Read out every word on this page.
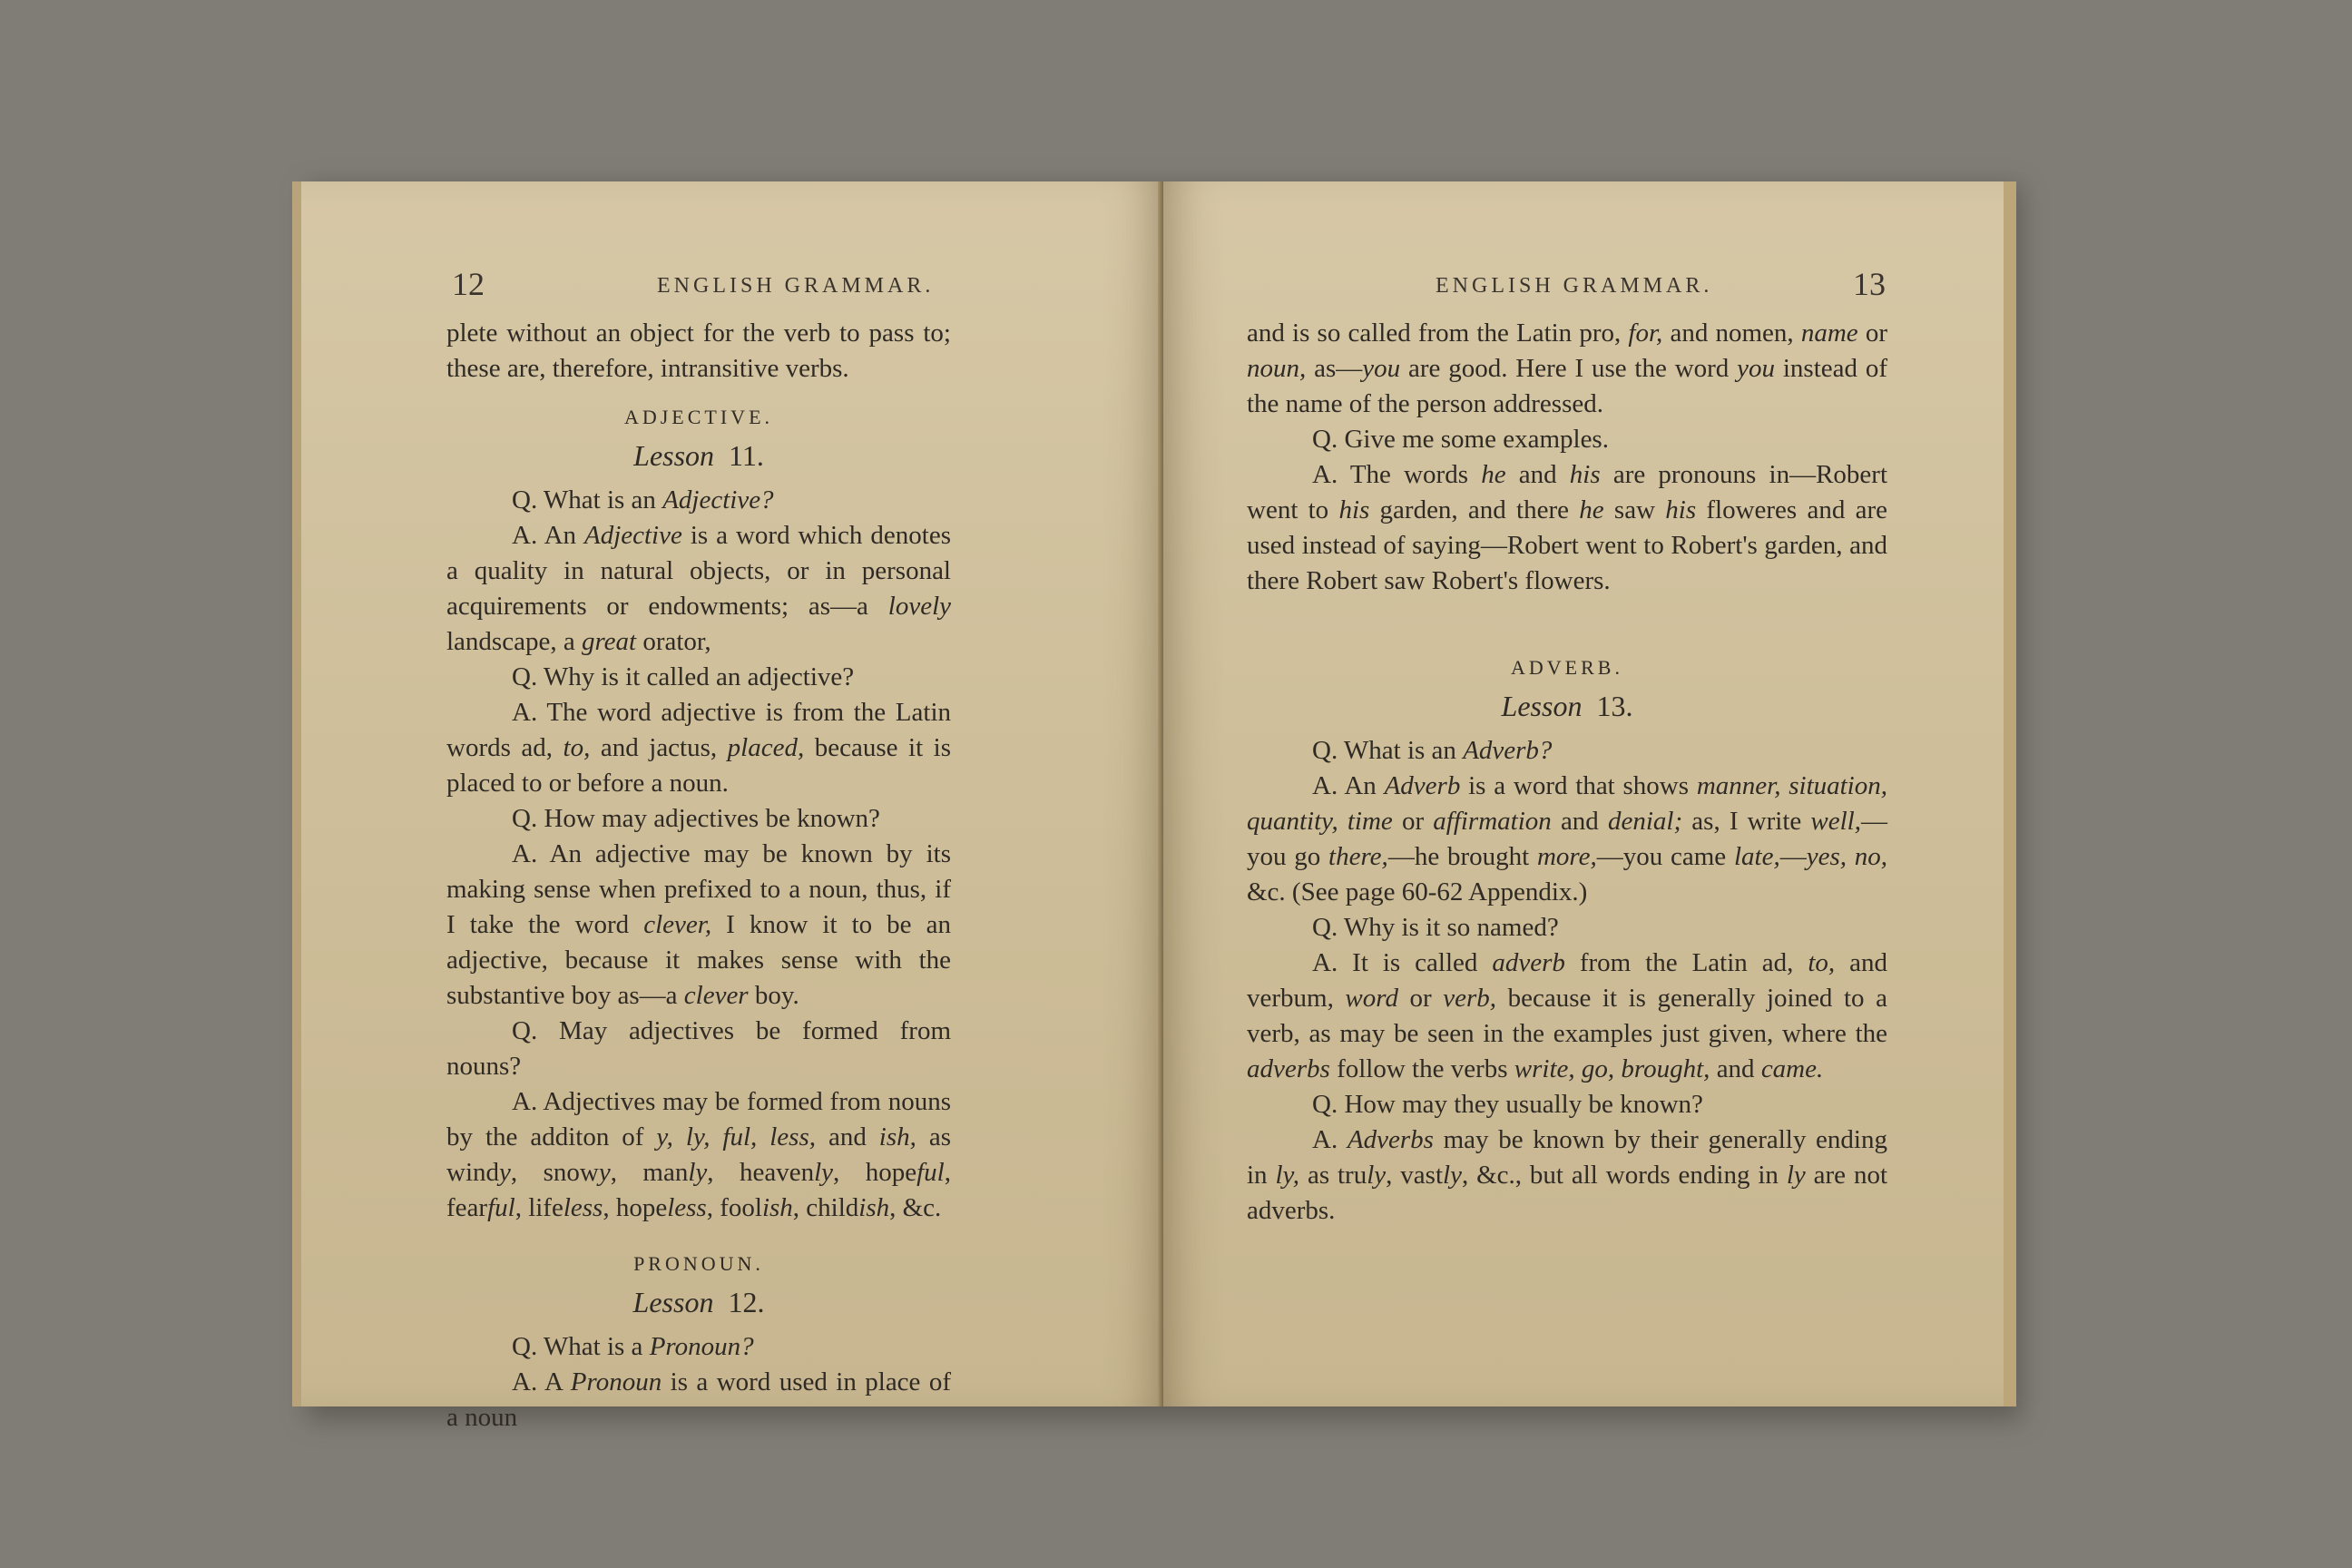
12	ENGLISH GRAMMAR.

plete without an object for the verb to pass to; these are, therefore, intransitive verbs.

ADJECTIVE.
Lesson 11.

Q. What is an Adjective?

A. An Adjective is a word which denotes a quality in natural objects, or in personal acquirements or endowments; as—a lovely landscape, a great orator,

Q. Why is it called an adjective?

A. The word adjective is from the Latin words ad, to, and jactus, placed, because it is placed to or before a noun.

Q. How may adjectives be known?

A. An adjective may be known by its making sense when prefixed to a noun, thus, if I take the word clever, I know it to be an adjective, because it makes sense with the substantive boy as—a clever boy.

Q. May adjectives be formed from nouns?

A. Adjectives may be formed from nouns by the additon of y, ly, ful, less, and ish, as windy, snowy, manly, heavenly, hopeful, fearful, lifeless, hopeless, foolish, childish, &c.

PRONOUN.
Lesson 12.

Q. What is a Pronoun?

A. A Pronoun is a word used in place of a noun

ENGLISH GRAMMAR.	13

and is so called from the Latin pro, for, and nomen, name or noun, as—you are good. Here I use the word you instead of the name of the person addressed.

Q. Give me some examples.

A. The words he and his are pronouns in—Robert went to his garden, and there he saw his floweres and are used instead of saying—Robert went to Robert's garden, and there Robert saw Robert's flowers.

ADVERB.
Lesson 13.

Q. What is an Adverb?

A. An Adverb is a word that shows manner, situation, quantity, time or affirmation and denial; as, I write well,—you go there,—he brought more,—you came late,—yes, no, &c. (See page 60-62 Appendix.)

Q. Why is it so named?

A. It is called adverb from the Latin ad, to, and verbum, word or verb, because it is generally joined to a verb, as may be seen in the examples just given, where the adverbs follow the verbs write, go, brought, and came.

Q. How may they usually be known?

A. Adverbs may be known by their generally ending in ly, as truly, vastly, &c., but all words ending in ly are not adverbs.
